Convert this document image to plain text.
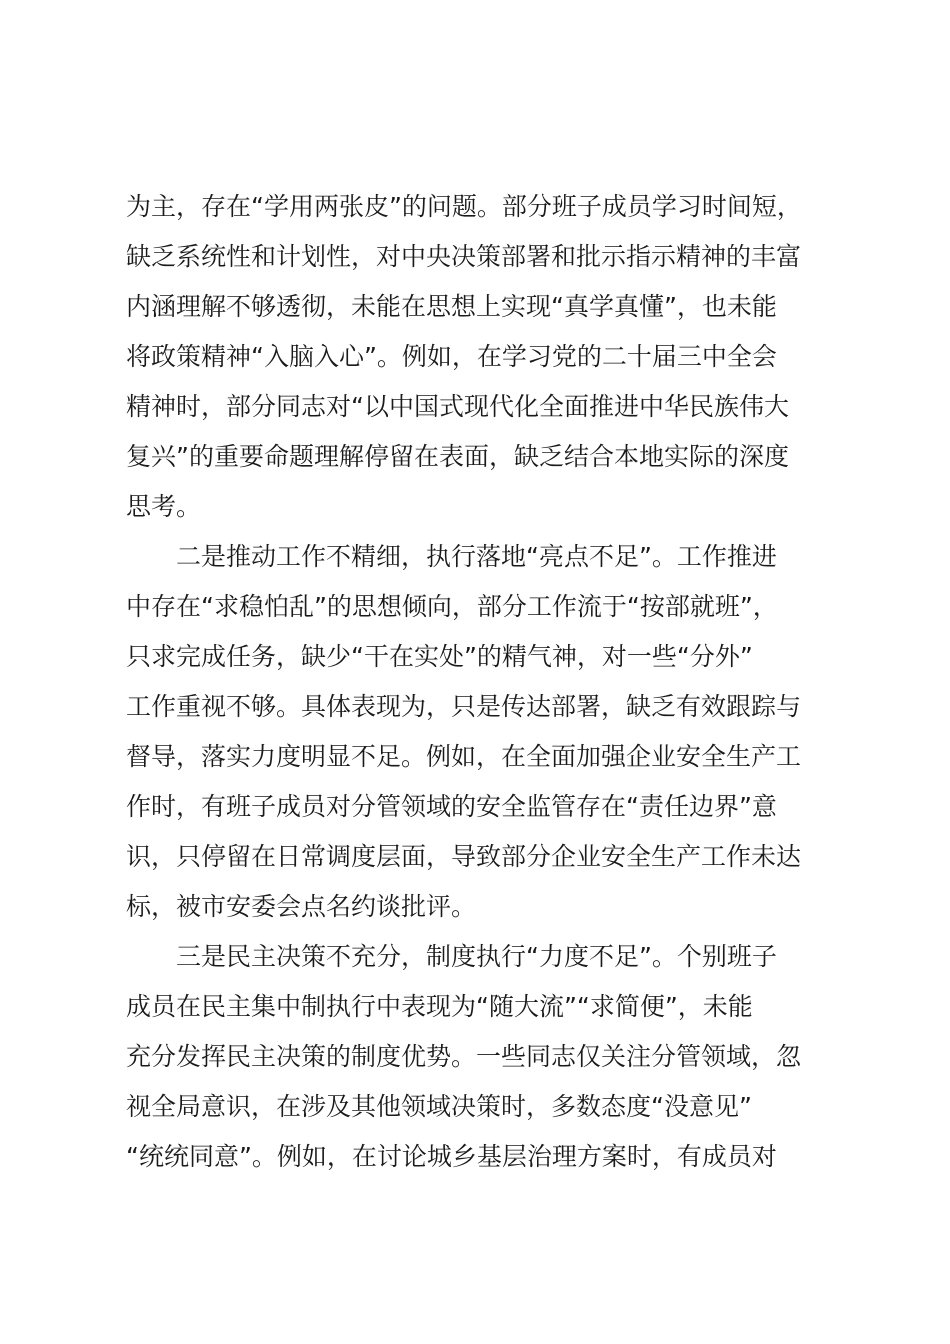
为主，存在“学用两张皮”的问题。部分班子成员学习时间短，
缺乏系统性和计划性，对中央决策部署和批示指示精神的丰富
内涵理解不够透彻，未能在思想上实现“真学真懂”，也未能
将政策精神“入脑入心”。例如，在学习党的二十届三中全会
精神时，部分同志对“以中国式现代化全面推进中华民族伟大
复兴”的重要命题理解停留在表面，缺乏结合本地实际的深度
思考。
　　二是推动工作不精细，执行落地“亮点不足”。工作推进
中存在“求稳怕乱”的思想倾向，部分工作流于“按部就班”，
只求完成任务，缺少“干在实处”的精气神，对一些“分外”
工作重视不够。具体表现为，只是传达部署，缺乏有效跟踪与
督导，落实力度明显不足。例如，在全面加强企业安全生产工
作时，有班子成员对分管领域的安全监管存在“责任边界”意
识，只停留在日常调度层面，导致部分企业安全生产工作未达
标，被市安委会点名约谈批评。
　　三是民主决策不充分，制度执行“力度不足”。个别班子
成员在民主集中制执行中表现为“随大流”“求简便”，未能
充分发挥民主决策的制度优势。一些同志仅关注分管领域，忽
视全局意识，在涉及其他领域决策时，多数态度“没意见”
“统统同意”。例如，在讨论城乡基层治理方案时，有成员对
